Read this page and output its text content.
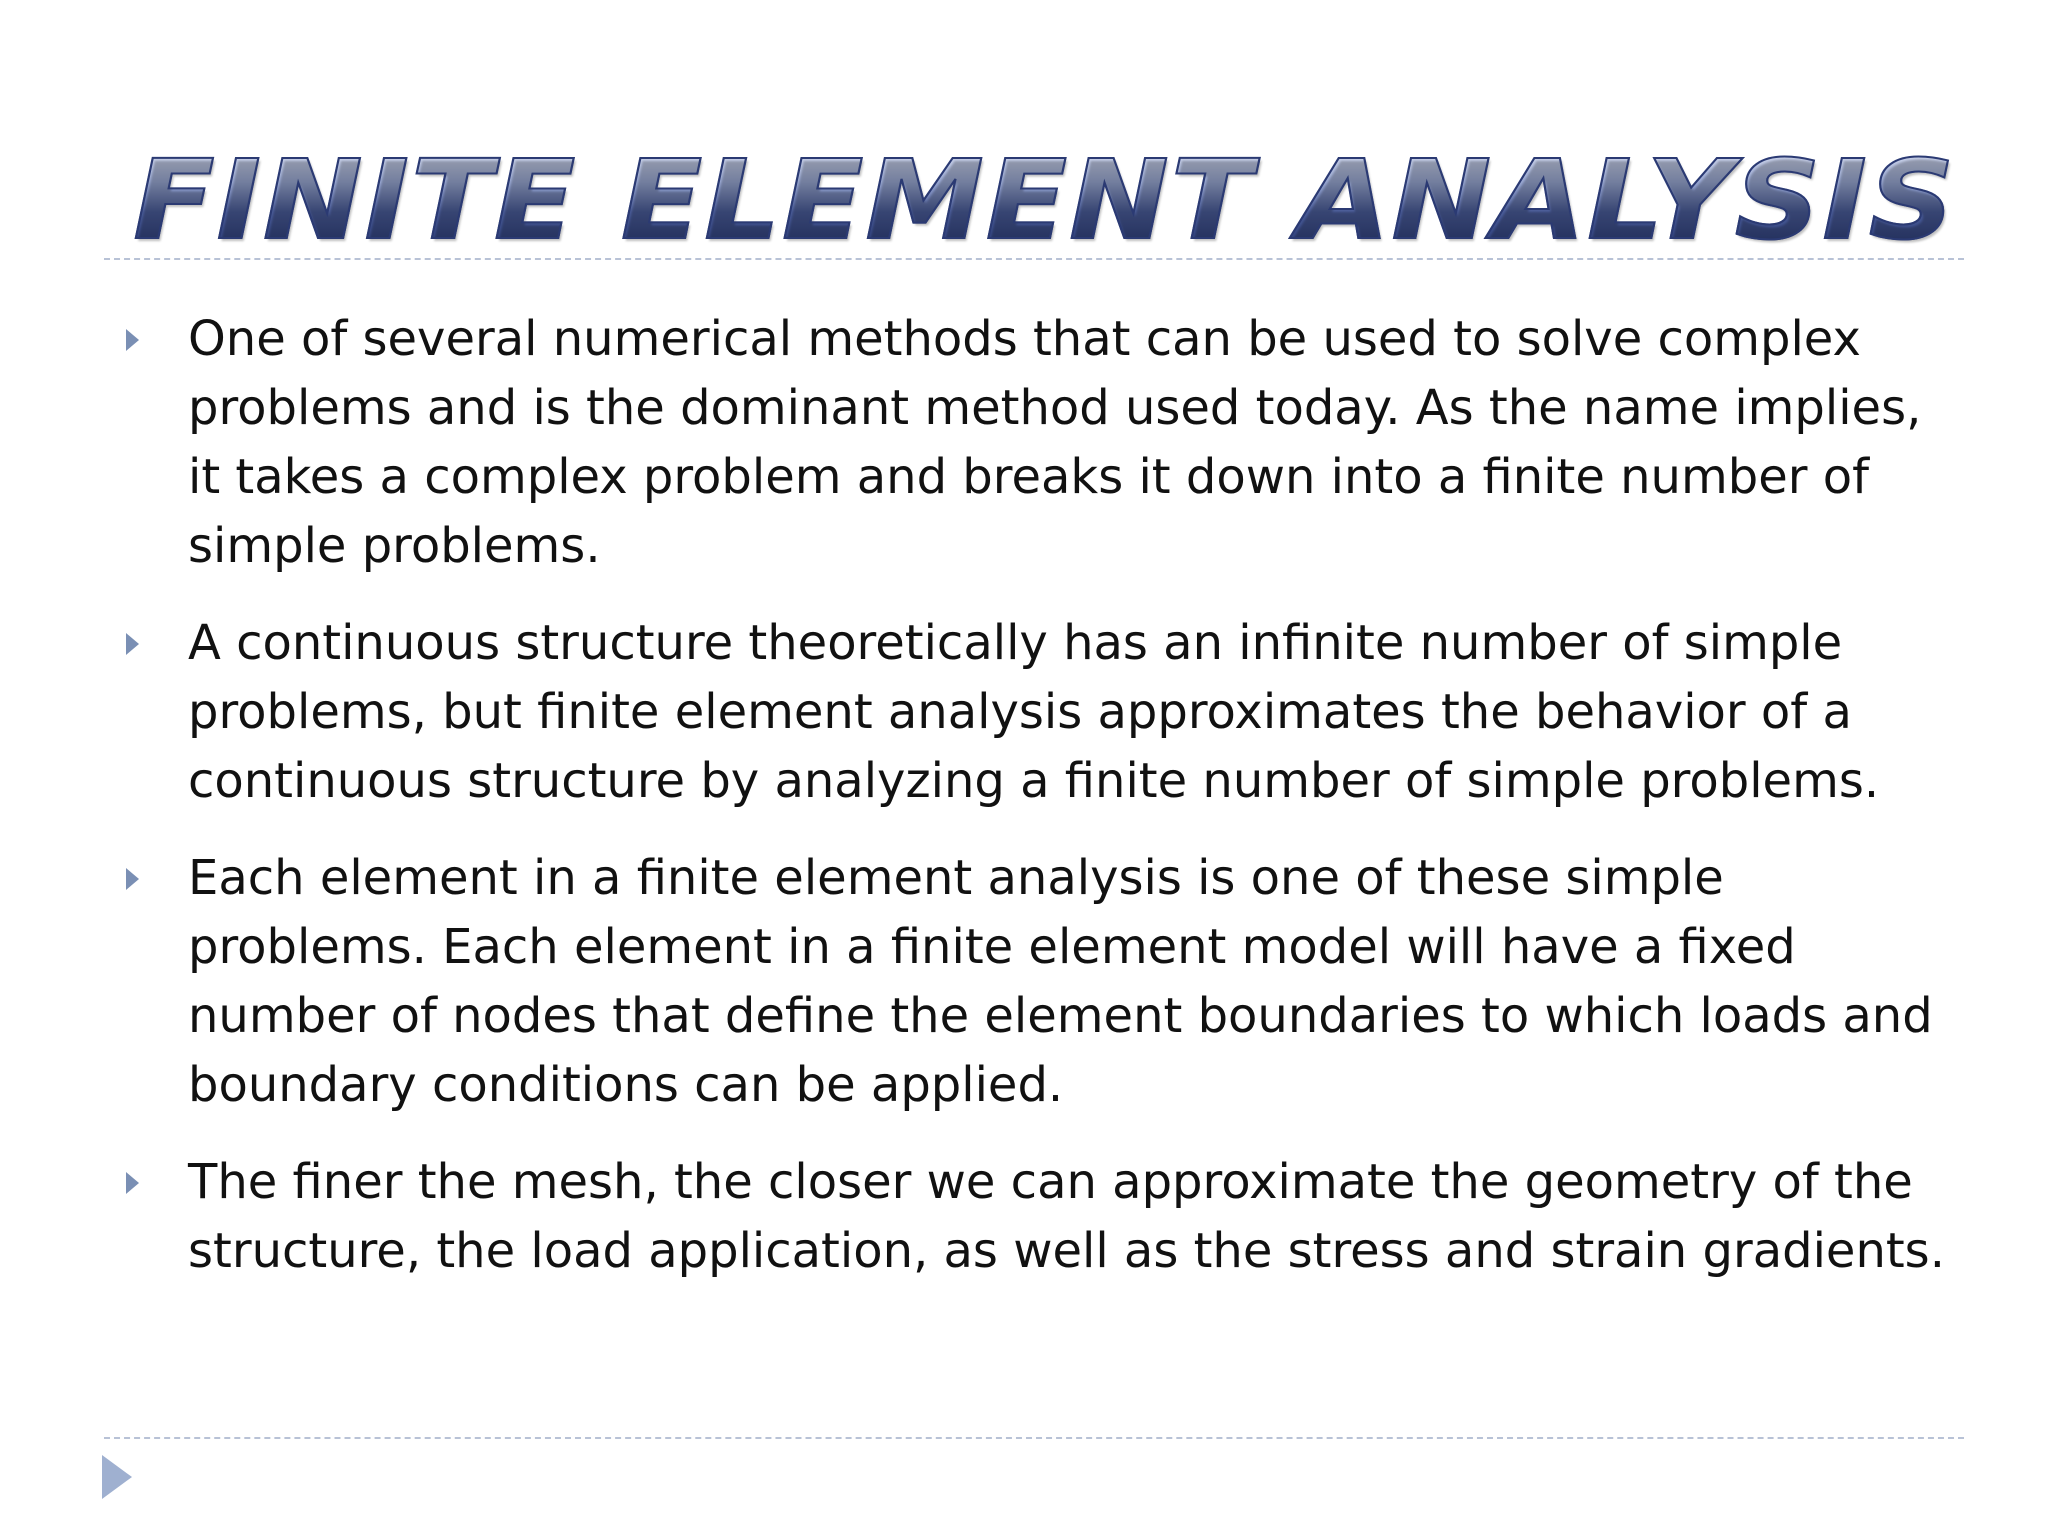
FINITE ELEMENT ANALYSIS
One of several numerical methods that can be used to solve complex problems and is the dominant method used today. As the name implies, it takes a complex problem and breaks it down into a finite number of simple problems.
A continuous structure theoretically has an infinite number of simple problems, but finite element analysis approximates the behavior of a continuous structure by analyzing a finite number of simple problems.
Each element in a finite element analysis is one of these simple problems. Each element in a finite element model will have a fixed number of nodes that define the element boundaries to which loads and boundary conditions can be applied.
The finer the mesh, the closer we can approximate the geometry of the structure, the load application, as well as the stress and strain gradients.
